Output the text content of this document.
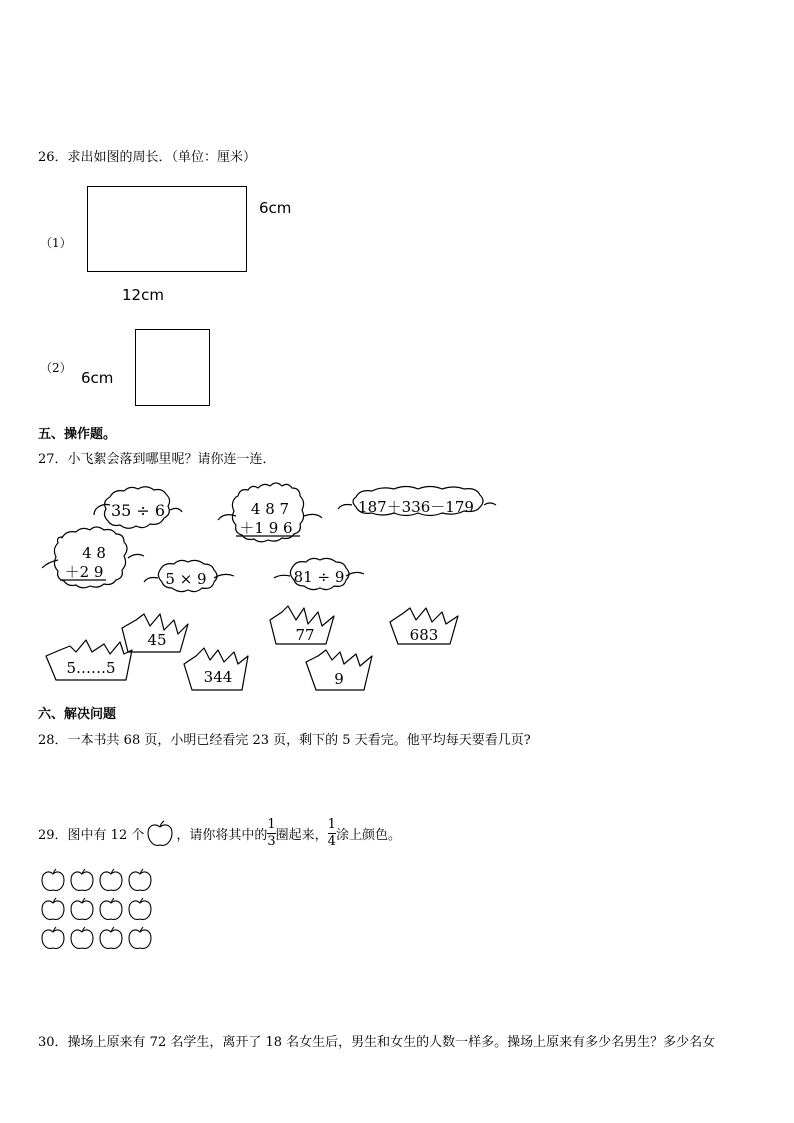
26．求出如图的周长．（单位：厘米）
（1）
6cm
12cm
（2）
6cm
五、操作题。
27．小飞絮会落到哪里呢？请你连一连．
35 ÷ 6	4 8 7
＋1 9 6
187＋336－179
4 8
＋2 9	5 × 9	81 ÷ 9
45	77	683
5……5	344	9
六、解决问题
28．一本书共 68 页，小明已经看完 23 页，剩下的 5 天看完。他平均每天要看几页?
29．图中有 12 个 ，请你将其中的 $\frac{1}{3}$ 圈起来， $\frac{1}{4}$ 涂上颜色。
30．操场上原来有 72 名学生，离开了 18 名女生后，男生和女生的人数一样多。操场上原来有多少名男生？多少名女
